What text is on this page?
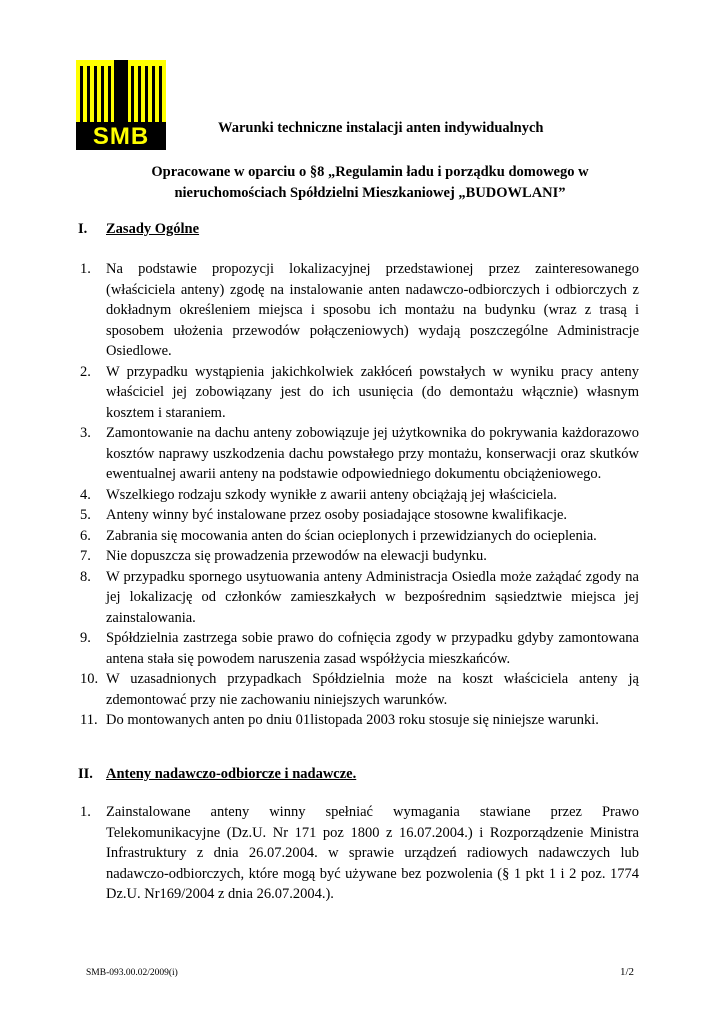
SMB	Warunki techniczne instalacji anten indywidualnych
Opracowane w oparciu o §8 „Regulamin ładu i porządku domowego w
nieruchomościach Spółdzielni Mieszkaniowej „BUDOWLANI”
I. Zasady Ogólne
1.	Na podstawie propozycji lokalizacyjnej przedstawionej przez zainteresowanego (właściciela anteny) zgodę na instalowanie anten nadawczo-odbiorczych i odbiorczych z dokładnym określeniem miejsca i sposobu ich montażu na budynku (wraz z trasą i sposobem ułożenia przewodów połączeniowych) wydają poszczególne Administracje Osiedlowe.
2.	W przypadku wystąpienia jakichkolwiek zakłóceń powstałych w wyniku pracy anteny właściciel jej zobowiązany jest do ich usunięcia (do demontażu włącznie) własnym kosztem i staraniem.
3.	Zamontowanie na dachu anteny zobowiązuje jej użytkownika do pokrywania każdorazowo kosztów naprawy uszkodzenia dachu powstałego przy montażu, konserwacji oraz skutków ewentualnej awarii anteny na podstawie odpowiedniego dokumentu obciążeniowego.
4.	Wszelkiego rodzaju szkody wynikłe z awarii anteny obciążają jej właściciela.
5.	Anteny winny być instalowane przez osoby posiadające stosowne kwalifikacje.
6.	Zabrania się mocowania anten do ścian ocieplonych i przewidzianych do ocieplenia.
7.	Nie dopuszcza się prowadzenia przewodów na elewacji budynku.
8.	W przypadku spornego usytuowania anteny Administracja Osiedla może zażądać zgody na jej lokalizację od członków zamieszkałych w bezpośrednim sąsiedztwie miejsca jej zainstalowania.
9.	Spółdzielnia zastrzega sobie prawo do cofnięcia zgody w przypadku gdyby zamontowana antena stała się powodem naruszenia zasad współżycia mieszkańców.
10. W uzasadnionych przypadkach Spółdzielnia może na koszt właściciela anteny ją zdemontować przy nie zachowaniu niniejszych warunków.
11. Do montowanych anten po dniu 01listopada 2003 roku stosuje się niniejsze warunki.
II. Anteny nadawczo-odbiorcze i nadawcze.
1.	Zainstalowane anteny winny spełniać wymagania stawiane przez Prawo Telekomunikacyjne (Dz.U. Nr 171 poz 1800 z 16.07.2004.) i Rozporządzenie Ministra Infrastruktury z dnia 26.07.2004. w sprawie urządzeń radiowych nadawczych lub nadawczo-odbiorczych, które mogą być używane bez pozwolenia (§ 1 pkt 1 i 2 poz. 1774 Dz.U. Nr169/2004 z dnia 26.07.2004.).
SMB-093.00.02/2009(i)	1/2
